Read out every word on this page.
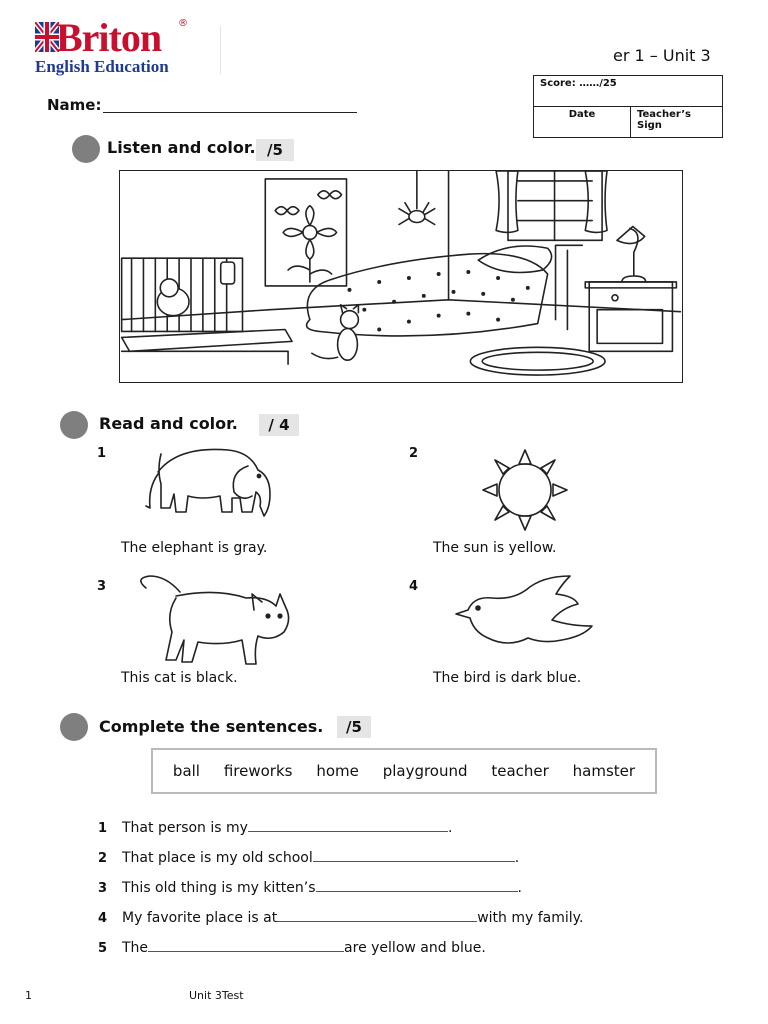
Briton ®
English Education
er 1 – Unit 3
Score: ……/25
Date	Teacher’s Sign
Name:
Listen and color. /5
Read and color.	/ 4
1
The elephant is gray.
2
The sun is yellow.
3
This cat is black.
4
The bird is dark blue.
Complete the sentences.	/5
ball fireworks home playground teacher hamster
1 That person is my	.
2 That place is my old school	.
3 This old thing is my kitten’s	.
4 My favorite place is at	with my family.
5 The	are yellow and blue.
1	Unit 3Test
